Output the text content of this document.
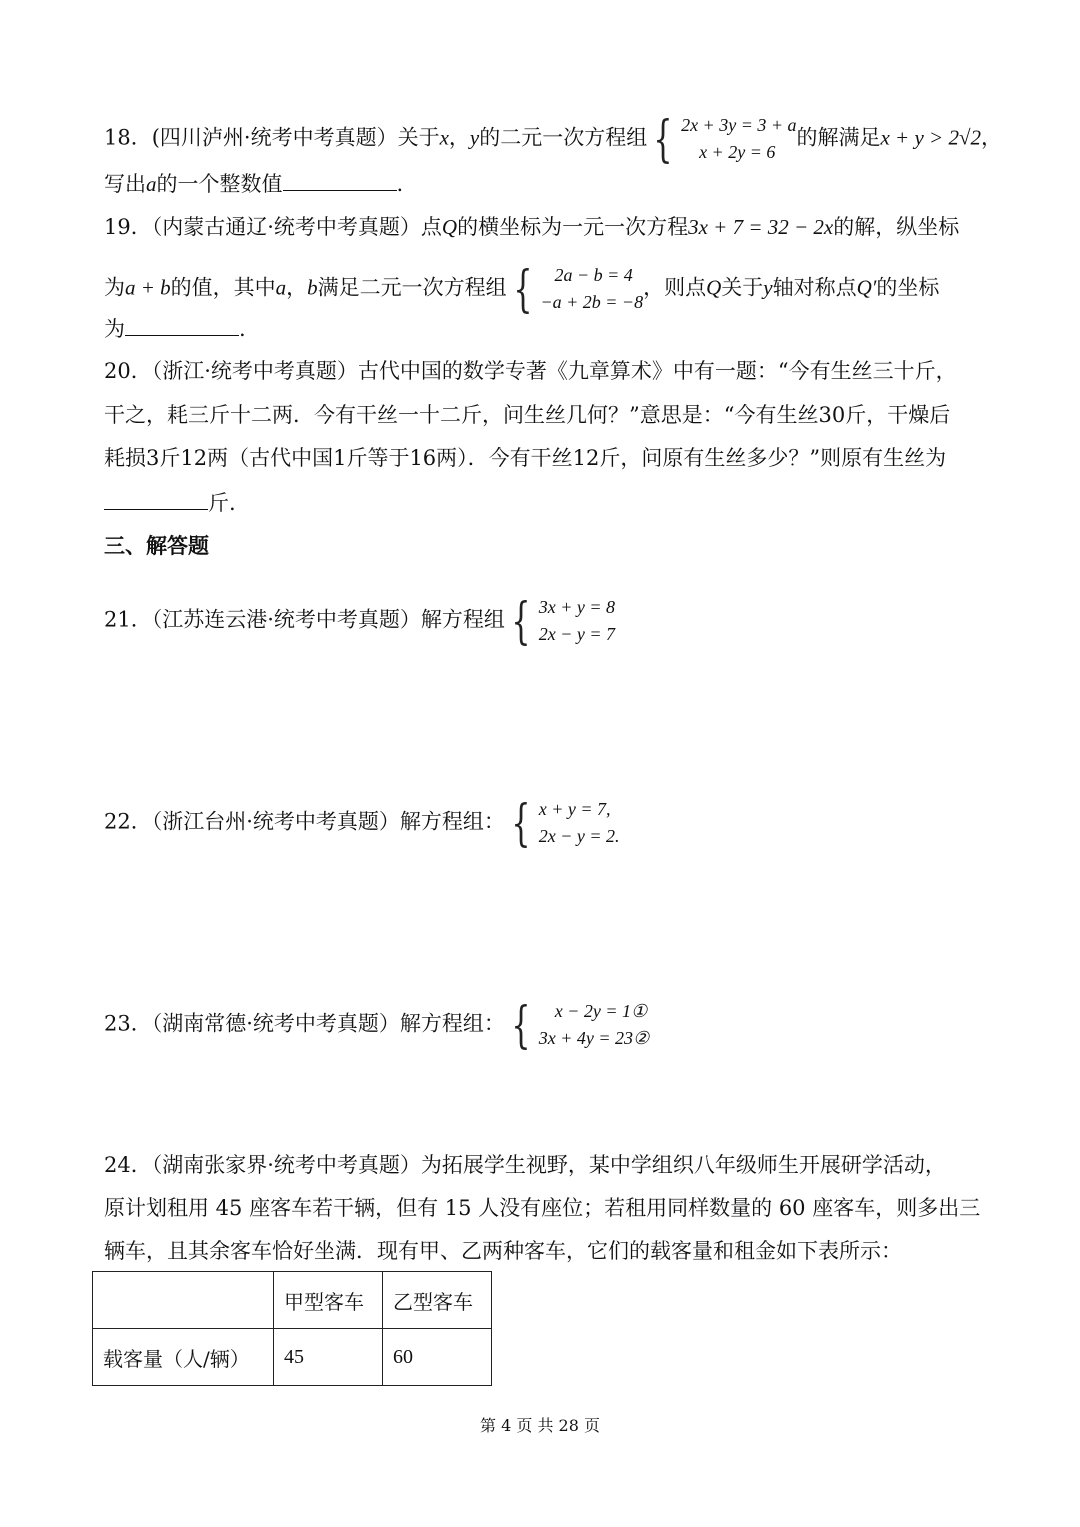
18．(四川泸州·统考中考真题）关于x，y的二元一次方程组 { 2x + 3y = 3 + a
x + 2y = 6
的解满足x + y > 2√2，
写出a的一个整数值	.
19．（内蒙古通辽·统考中考真题）点Q的横坐标为一元一次方程3x + 7 = 32 − 2x的解，纵坐标
为a + b的值，其中a，b满足二元一次方程组 {	2a − b = 4
−a + 2b = −8
，则点Q关于y轴对称点Q′的坐标
为	.
20．（浙江·统考中考真题）古代中国的数学专著《九章算术》中有一题：“今有生丝三十斤，
干之，耗三斤十二两．今有干丝一十二斤，问生丝几何？”意思是：“今有生丝30斤，干燥后
耗损3斤12两（古代中国1斤等于16两）．今有干丝12斤，问原有生丝多少？”则原有生丝为
斤.
三、解答题
21．（江苏连云港·统考中考真题）解方程组 { 3x + y = 8
2x − y = 7
22．（浙江台州·统考中考真题）解方程组： { x + y = 7,
2x − y = 2.
23．（湖南常德·统考中考真题）解方程组： {	x − 2y = 1①
3x + 4y = 23②
24．（湖南张家界·统考中考真题）为拓展学生视野，某中学组织八年级师生开展研学活动，
原计划租用 45 座客车若干辆，但有 15 人没有座位；若租用同样数量的 60 座客车，则多出三
辆车，且其余客车恰好坐满．现有甲、乙两种客车，它们的载客量和租金如下表所示：
	甲型客车	乙型客车
载客量（人/辆）	45	60
第 4 页 共 28 页
